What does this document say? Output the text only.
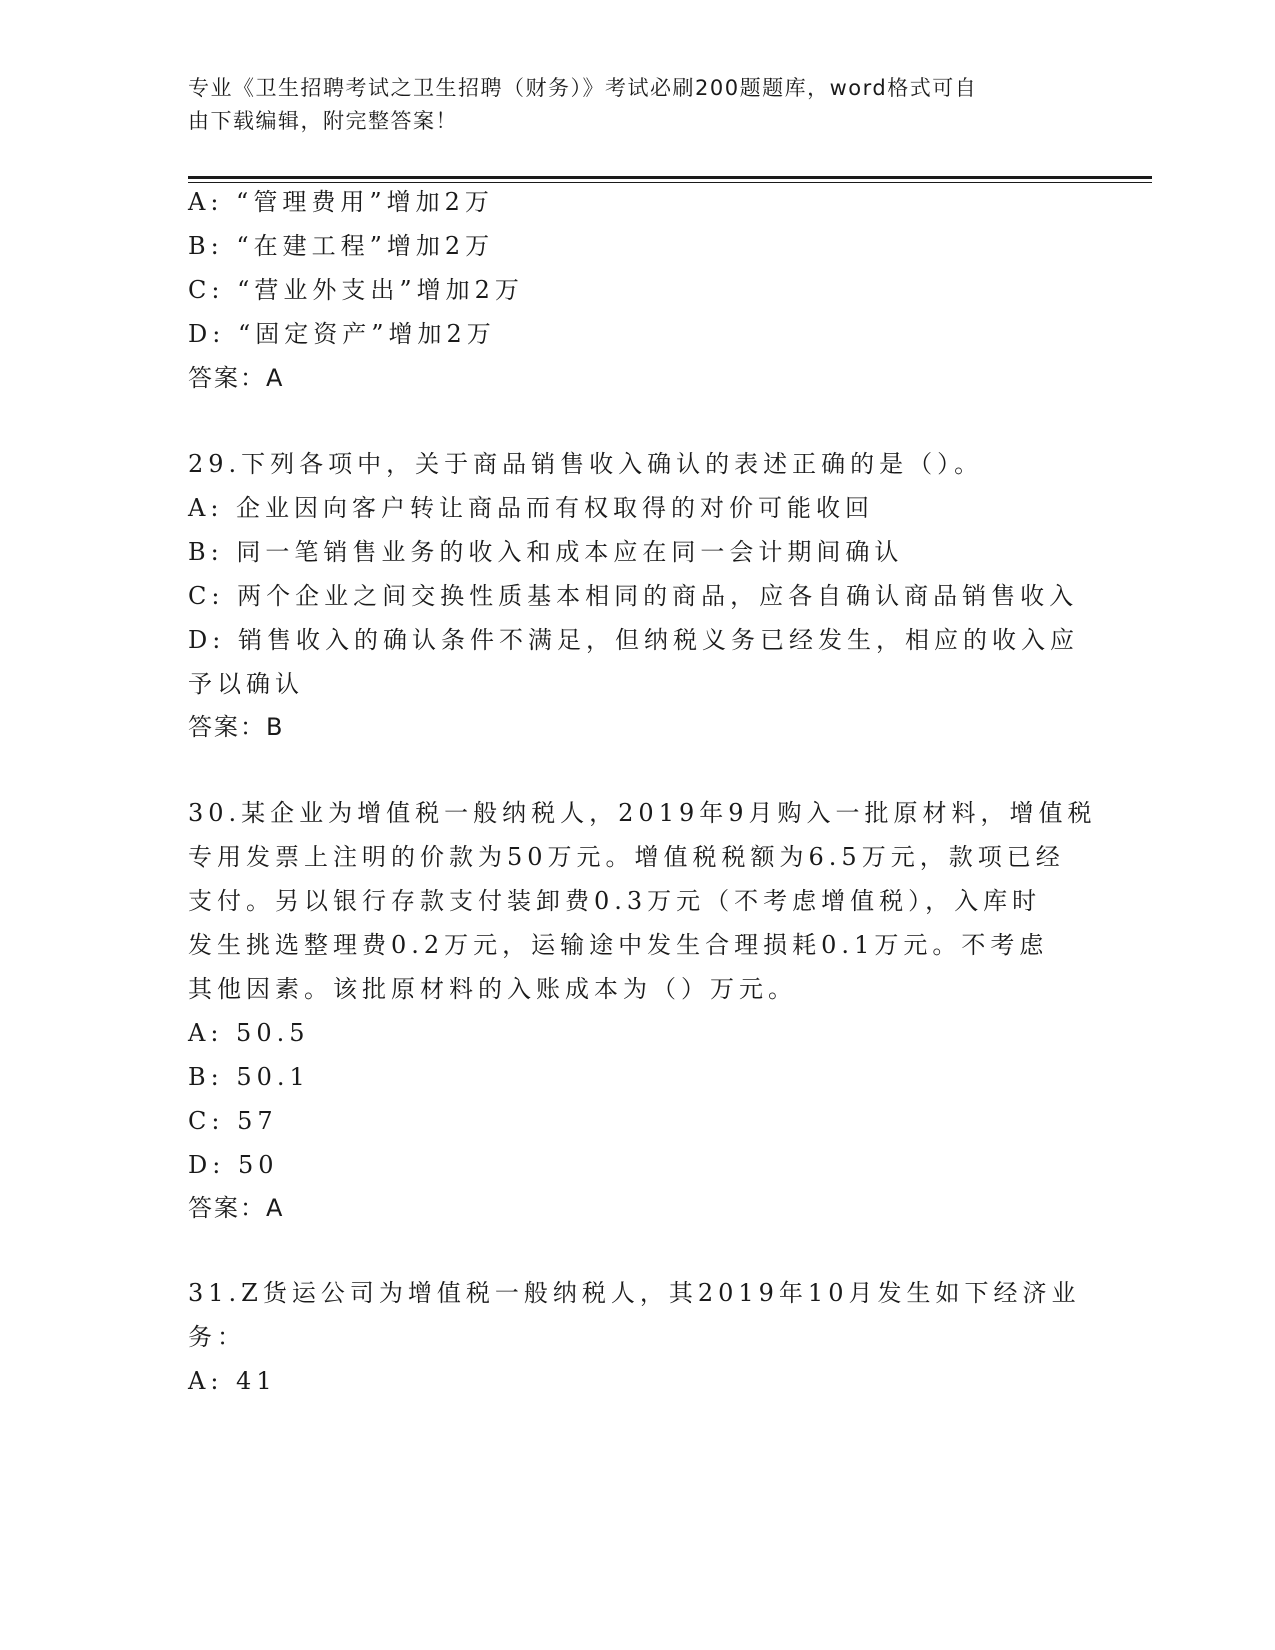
专业《卫生招聘考试之卫生招聘（财务）》考试必刷200题题库，word格式可自
由下载编辑，附完整答案！
A: “管理费用”增加2万
B: “在建工程”增加2万
C: “营业外支出”增加2万
D: “固定资产”增加2万
答案：A
29.下列各项中，关于商品销售收入确认的表述正确的是（）。
A: 企业因向客户转让商品而有权取得的对价可能收回
B: 同一笔销售业务的收入和成本应在同一会计期间确认
C: 两个企业之间交换性质基本相同的商品，应各自确认商品销售收入
D: 销售收入的确认条件不满足，但纳税义务已经发生，相应的收入应
予以确认
答案：B
30.某企业为增值税一般纳税人，2019年9月购入一批原材料，增值税
专用发票上注明的价款为50万元。增值税税额为6.5万元，款项已经
支付。另以银行存款支付装卸费0.3万元（不考虑增值税），入库时
发生挑选整理费0.2万元，运输途中发生合理损耗0.1万元。不考虑
其他因素。该批原材料的入账成本为（）万元。
A: 50.5
B: 50.1
C: 57
D: 50
答案：A
31.Z货运公司为增值税一般纳税人，其2019年10月发生如下经济业
务：
A: 41
